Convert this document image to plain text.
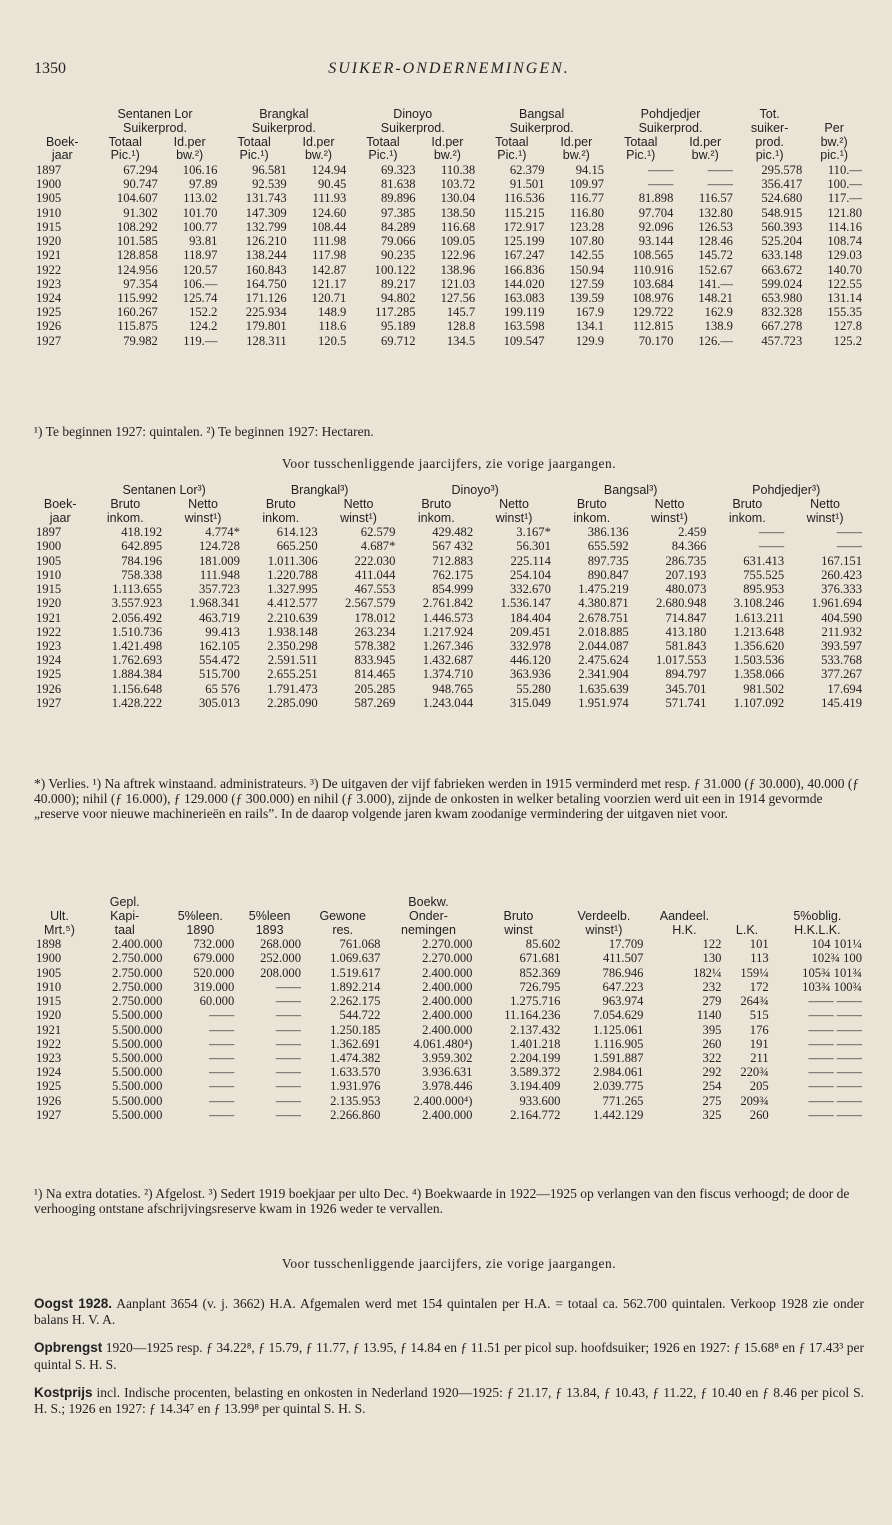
1350	SUIKER-ONDERNEMINGEN.
	Sentanen Lor		Brangkal		Dinoyo		Bangsal		Pohdjedjer		Tot.	
	Suikerprod.		Suikerprod.		Suikerprod.		Suikerprod.		Suikerprod.		suiker-	Per
Boek-	Totaal	Id.per	Totaal	Id.per	Totaal	Id.per	Totaal	Id.per	Totaal	Id.per	prod.	bw.²)
jaar	Pic.¹)	bw.²)	Pic.¹)	bw.²)	Pic.¹)	bw.²)	Pic.¹)	bw.²)	Pic.¹)	bw.²)	pic.¹)	pic.¹)
1897	67.294	106.16	96.581	124.94	69.323	110.38	62.379	94.15	——	——	295.578	110.—
1900	90.747	97.89	92.539	90.45	81.638	103.72	91.501	109.97	——	——	356.417	100.—
1905	104.607	113.02	131.743	111.93	89.896	130.04	116.536	116.77	81.898	116.57	524.680	117.—
1910	91.302	101.70	147.309	124.60	97.385	138.50	115.215	116.80	97.704	132.80	548.915	121.80
1915	108.292	100.77	132.799	108.44	84.289	116.68	172.917	123.28	92.096	126.53	560.393	114.16
1920	101.585	93.81	126.210	111.98	79.066	109.05	125.199	107.80	93.144	128.46	525.204	108.74
1921	128.858	118.97	138.244	117.98	90.235	122.96	167.247	142.55	108.565	145.72	633.148	129.03
1922	124.956	120.57	160.843	142.87	100.122	138.96	166.836	150.94	110.916	152.67	663.672	140.70
1923	97.354	106.—	164.750	121.17	89.217	121.03	144.020	127.59	103.684	141.—	599.024	122.55
1924	115.992	125.74	171.126	120.71	94.802	127.56	163.083	139.59	108.976	148.21	653.980	131.14
1925	160.267	152.2	225.934	148.9	117.285	145.7	199.119	167.9	129.722	162.9	832.328	155.35
1926	115.875	124.2	179.801	118.6	95.189	128.8	163.598	134.1	112.815	138.9	667.278	127.8
1927	79.982	119.—	128.311	120.5	69.712	134.5	109.547	129.9	70.170	126.—	457.723	125.2
¹) Te beginnen 1927: quintalen. ²) Te beginnen 1927: Hectaren.
Voor tusschenliggende jaarcijfers, zie vorige jaargangen.
	Sentanen Lor³)		Brangkal³)		Dinoyo³)		Bangsal³)		Pohdjedjer³)	
Boek-	Bruto	Netto	Bruto	Netto	Bruto	Netto	Bruto	Netto	Bruto	Netto
jaar	inkom.	winst¹)	inkom.	winst¹)	inkom.	winst¹)	inkom.	winst¹)	inkom.	winst¹)
1897	418.192	4.774*	614.123	62.579	429.482	3.167*	386.136	2.459	——	——
1900	642.895	124.728	665.250	4.687*	567 432	56.301	655.592	84.366	——	——
1905	784.196	181.009	1.011.306	222.030	712.883	225.114	897.735	286.735	631.413	167.151
1910	758.338	111.948	1.220.788	411.044	762.175	254.104	890.847	207.193	755.525	260.423
1915	1.113.655	357.723	1.327.995	467.553	854.999	332.670	1.475.219	480.073	895.953	376.333
1920	3.557.923	1.968.341	4.412.577	2.567.579	2.761.842	1.536.147	4.380.871	2.680.948	3.108.246	1.961.694
1921	2.056.492	463.719	2.210.639	178.012	1.446.573	184.404	2.678.751	714.847	1.613.211	404.590
1922	1.510.736	99.413	1.938.148	263.234	1.217.924	209.451	2.018.885	413.180	1.213.648	211.932
1923	1.421.498	162.105	2.350.298	578.382	1.267.346	332.978	2.044.087	581.843	1.356.620	393.597
1924	1.762.693	554.472	2.591.511	833.945	1.432.687	446.120	2.475.624	1.017.553	1.503.536	533.768
1925	1.884.384	515.700	2.655.251	814.465	1.374.710	363.936	2.341.904	894.797	1.358.066	377.267
1926	1.156.648	65 576	1.791.473	205.285	948.765	55.280	1.635.639	345.701	981.502	17.694
1927	1.428.222	305.013	2.285.090	587.269	1.243.044	315.049	1.951.974	571.741	1.107.092	145.419
*) Verlies. ¹) Na aftrek winstaand. administrateurs. ³) De uitgaven der vijf fabrieken werden in 1915 verminderd met resp. ƒ 31.000 (ƒ 30.000), 40.000 (ƒ 40.000); nihil (ƒ 16.000), ƒ 129.000 (ƒ 300.000) en nihil (ƒ 3.000), zijnde de onkosten in welker betaling voorzien werd uit een in 1914 gevormde „reserve voor nieuwe machinerieën en rails”. In de daarop volgende jaren kwam zoodanige vermindering der uitgaven niet voor.
	Gepl.				Boekw.					
Ult.	Kapi-	5%leen.	5%leen	Gewone	Onder-	Bruto	Verdeelb.	Aandeel.		5%oblig.
Mrt.⁵)	taal	1890	1893	res.	nemingen	winst	winst¹)	H.K.	L.K.	H.K.L.K.
1898	2.400.000	732.000	268.000	761.068	2.270.000	85.602	17.709	122	101	104 101¼
1900	2.750.000	679.000	252.000	1.069.637	2.270.000	671.681	411.507	130	113	102¾ 100
1905	2.750.000	520.000	208.000	1.519.617	2.400.000	852.369	786.946	182¼	159¼	105¾ 101¾
1910	2.750.000	319.000	——	1.892.214	2.400.000	726.795	647.223	232	172	103¾ 100¾
1915	2.750.000	60.000	——	2.262.175	2.400.000	1.275.716	963.974	279	264¾	—— ——
1920	5.500.000	——	——	544.722	2.400.000	11.164.236	7.054.629	1140	515	—— ——
1921	5.500.000	——	——	1.250.185	2.400.000	2.137.432	1.125.061	395	176	—— ——
1922	5.500.000	——	——	1.362.691	4.061.480⁴)	1.401.218	1.116.905	260	191	—— ——
1923	5.500.000	——	——	1.474.382	3.959.302	2.204.199	1.591.887	322	211	—— ——
1924	5.500.000	——	——	1.633.570	3.936.631	3.589.372	2.984.061	292	220¾	—— ——
1925	5.500.000	——	——	1.931.976	3.978.446	3.194.409	2.039.775	254	205	—— ——
1926	5.500.000	——	——	2.135.953	2.400.000⁴)	933.600	771.265	275	209¾	—— ——
1927	5.500.000	——	——	2.266.860	2.400.000	2.164.772	1.442.129	325	260	—— ——
¹) Na extra dotaties. ²) Afgelost. ³) Sedert 1919 boekjaar per ulto Dec. ⁴) Boekwaarde in 1922—1925 op verlangen van den fiscus verhoogd; de door de verhooging ontstane afschrijvingsreserve kwam in 1926 weder te vervallen.
Voor tusschenliggende jaarcijfers, zie vorige jaargangen.

Oogst 1928. Aanplant 3654 (v. j. 3662) H.A. Afgemalen werd met 154 quintalen per H.A. = totaal ca. 562.700 quintalen. Verkoop 1928 zie onder balans H. V. A.

Opbrengst 1920—1925 resp. ƒ 34.22⁸, ƒ 15.79, ƒ 11.77, ƒ 13.95, ƒ 14.84 en ƒ 11.51 per picol sup. hoofdsuiker; 1926 en 1927: ƒ 15.68⁸ en ƒ 17.43³ per quintal S. H. S.

Kostprijs incl. Indische procenten, belasting en onkosten in Nederland 1920—1925: ƒ 21.17, ƒ 13.84, ƒ 10.43, ƒ 11.22, ƒ 10.40 en ƒ 8.46 per picol S. H. S.; 1926 en 1927: ƒ 14.34⁷ en ƒ 13.99⁸ per quintal S. H. S.
